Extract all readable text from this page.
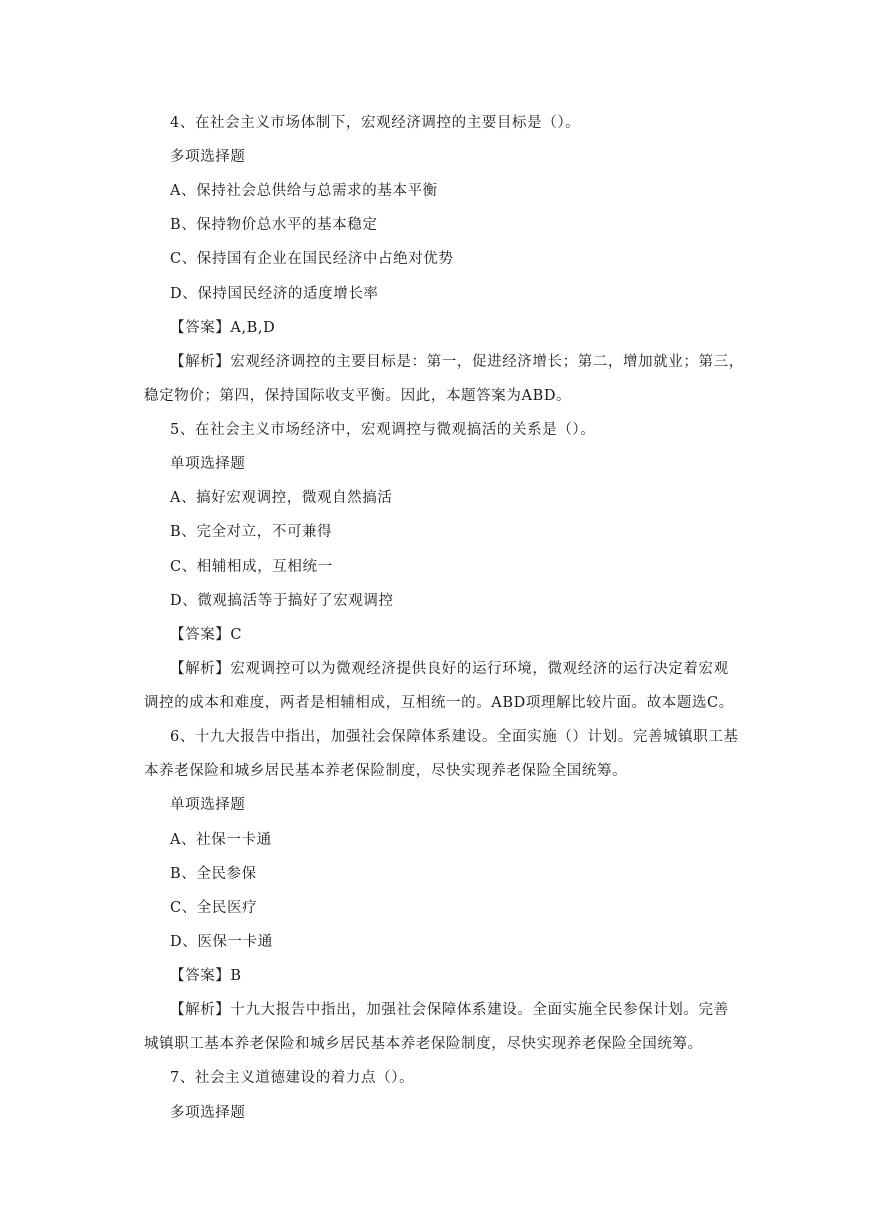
4、在社会主义市场体制下，宏观经济调控的主要目标是（）。
多项选择题
A、保持社会总供给与总需求的基本平衡
B、保持物价总水平的基本稳定
C、保持国有企业在国民经济中占绝对优势
D、保持国民经济的适度增长率
【答案】A,B,D
【解析】宏观经济调控的主要目标是：第一，促进经济增长；第二，增加就业；第三，
稳定物价；第四，保持国际收支平衡。因此，本题答案为ABD。
5、在社会主义市场经济中，宏观调控与微观搞活的关系是（）。
单项选择题
A、搞好宏观调控，微观自然搞活
B、完全对立，不可兼得
C、相辅相成，互相统一
D、微观搞活等于搞好了宏观调控
【答案】C
【解析】宏观调控可以为微观经济提供良好的运行环境，微观经济的运行决定着宏观
调控的成本和难度，两者是相辅相成，互相统一的。ABD项理解比较片面。故本题选C。
6、十九大报告中指出，加强社会保障体系建设。全面实施（）计划。完善城镇职工基
本养老保险和城乡居民基本养老保险制度，尽快实现养老保险全国统筹。
单项选择题
A、社保一卡通
B、全民参保
C、全民医疗
D、医保一卡通
【答案】B
【解析】十九大报告中指出，加强社会保障体系建设。全面实施全民参保计划。完善
城镇职工基本养老保险和城乡居民基本养老保险制度，尽快实现养老保险全国统筹。
7、社会主义道德建设的着力点（）。
多项选择题
